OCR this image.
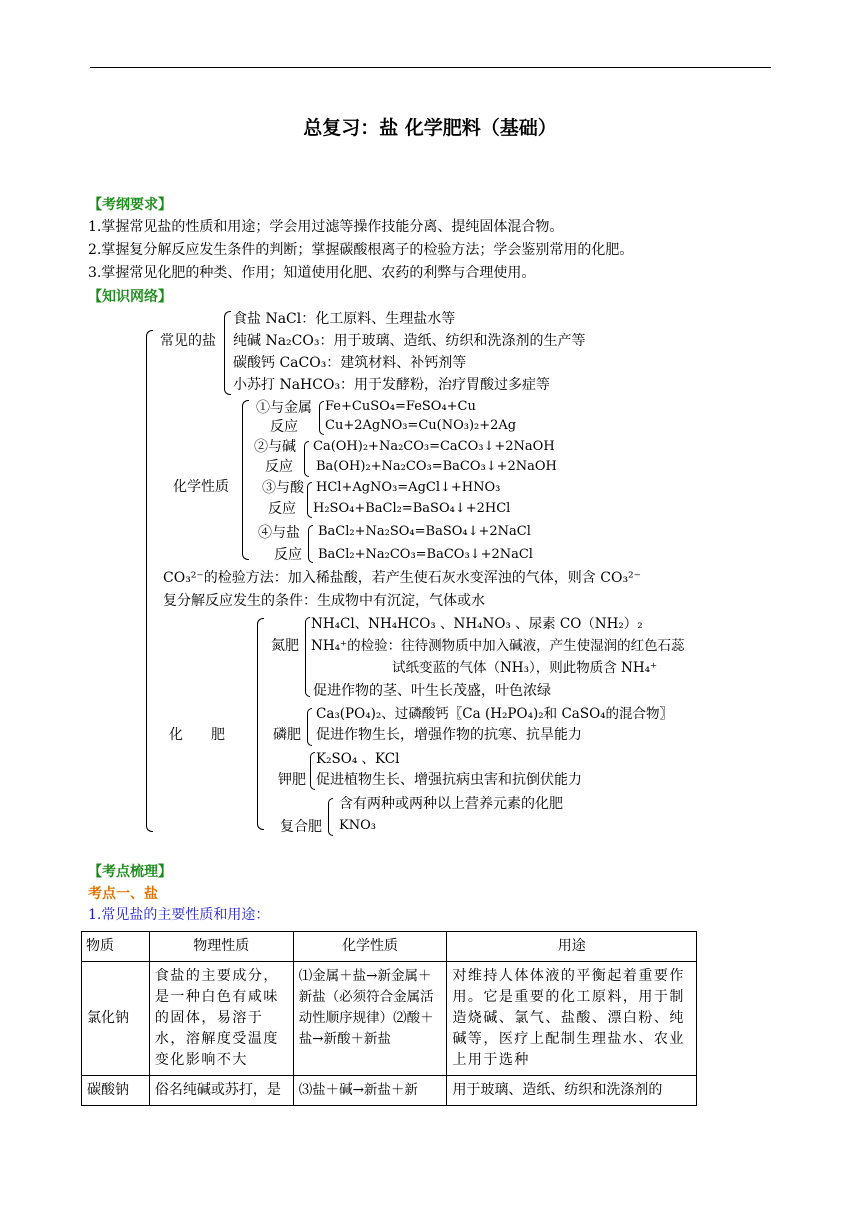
总复习：盐 化学肥料（基础）
【考纲要求】
1.掌握常见盐的性质和用途；学会用过滤等操作技能分离、提纯固体混合物。
2.掌握复分解反应发生条件的判断；掌握碳酸根离子的检验方法；学会鉴别常用的化肥。
3.掌握常见化肥的种类、作用；知道使用化肥、农药的利弊与合理使用。
【知识网络】
常见的盐
食盐 NaCl：化工原料、生理盐水等
纯碱 Na₂CO₃：用于玻璃、造纸、纺织和洗涤剂的生产等
碳酸钙 CaCO₃：建筑材料、补钙剂等
小苏打 NaHCO₃：用于发酵粉，治疗胃酸过多症等
化学性质
①与金属
反应
Fe+CuSO₄=FeSO₄+Cu
Cu+2AgNO₃=Cu(NO₃)₂+2Ag
②与碱
反应
Ca(OH)₂+Na₂CO₃=CaCO₃↓+2NaOH
Ba(OH)₂+Na₂CO₃=BaCO₃↓+2NaOH
③与酸
反应
HCl+AgNO₃=AgCl↓+HNO₃
H₂SO₄+BaCl₂=BaSO₄↓+2HCl
④与盐
反应
BaCl₂+Na₂SO₄=BaSO₄↓+2NaCl
BaCl₂+Na₂CO₃=BaCO₃↓+2NaCl
CO₃²⁻的检验方法：加入稀盐酸，若产生使石灰水变浑浊的气体，则含 CO₃²⁻
复分解反应发生的条件：生成物中有沉淀，气体或水
化　　肥
氮肥
NH₄Cl、NH₄HCO₃ 、NH₄NO₃ 、尿素 CO（NH₂）₂
NH₄⁺的检验：往待测物质中加入碱液，产生使湿润的红色石蕊
试纸变蓝的气体（NH₃），则此物质含 NH₄⁺
促进作物的茎、叶生长茂盛，叶色浓绿
磷肥
Ca₃(PO₄)₂、过磷酸钙〖Ca (H₂PO₄)₂和 CaSO₄的混合物〗
促进作物生长，增强作物的抗寒、抗旱能力
钾肥
K₂SO₄ 、KCl
促进植物生长、增强抗病虫害和抗倒伏能力
复合肥
含有两种或两种以上营养元素的化肥
KNO₃
【考点梳理】
考点一、盐
1.常见盐的主要性质和用途：
物质	物理性质	化学性质	用途
氯化钠	食盐的主要成分，是一种白色有咸味的固体，易溶于水，溶解度受温度变化影响不大	⑴金属＋盐→新金属＋新盐（必须符合金属活动性顺序规律）⑵酸＋盐→新酸＋新盐	对维持人体体液的平衡起着重要作用。它是重要的化工原料，用于制造烧碱、氯气、盐酸、漂白粉、纯碱等，医疗上配制生理盐水、农业上用于选种
碳酸钠	俗名纯碱或苏打，是	⑶盐＋碱→新盐＋新	用于玻璃、造纸、纺织和洗涤剂的
